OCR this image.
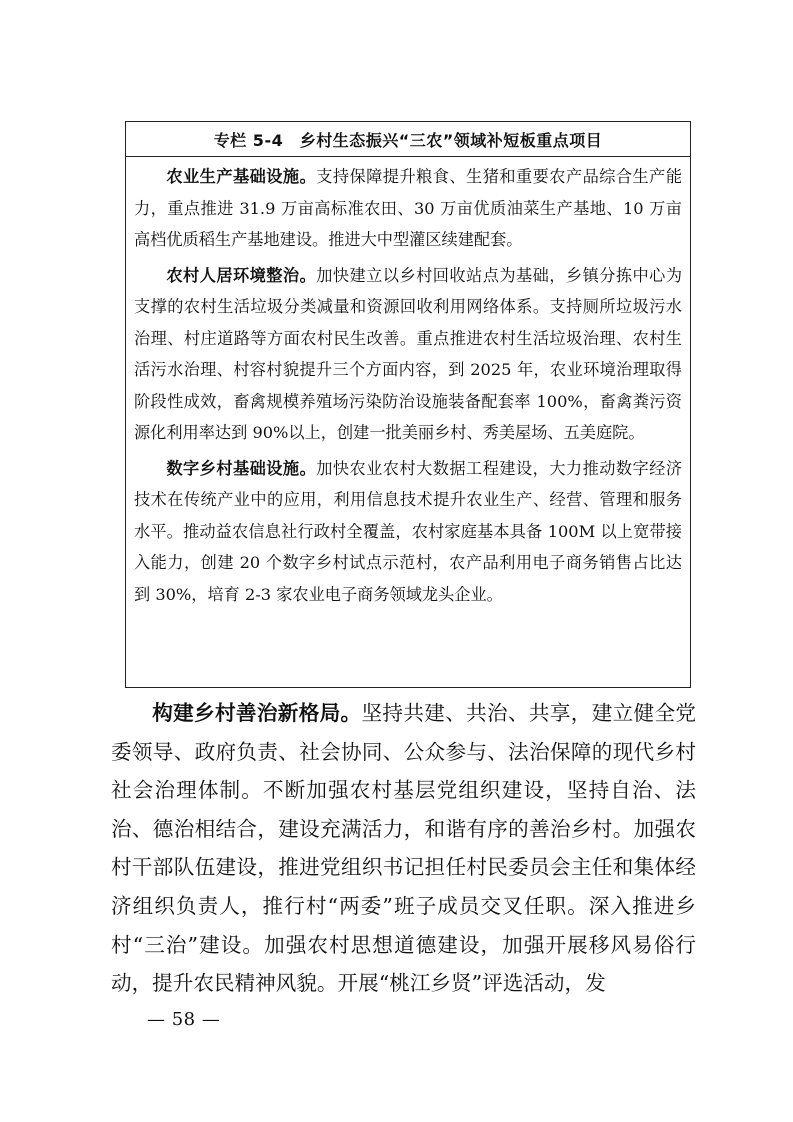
专栏 5-4　乡村生态振兴“三农”领域补短板重点项目

农业生产基础设施。支持保障提升粮食、生猪和重要农产品综合生产能力，重点推进 31.9 万亩高标准农田、30 万亩优质油菜生产基地、10 万亩高档优质稻生产基地建设。推进大中型灌区续建配套。

农村人居环境整治。加快建立以乡村回收站点为基础，乡镇分拣中心为支撑的农村生活垃圾分类减量和资源回收利用网络体系。支持厕所垃圾污水治理、村庄道路等方面农村民生改善。重点推进农村生活垃圾治理、农村生活污水治理、村容村貌提升三个方面内容，到 2025 年，农业环境治理取得阶段性成效，畜禽规模养殖场污染防治设施装备配套率 100%，畜禽粪污资源化利用率达到 90%以上，创建一批美丽乡村、秀美屋场、五美庭院。

数字乡村基础设施。加快农业农村大数据工程建设，大力推动数字经济技术在传统产业中的应用，利用信息技术提升农业生产、经营、管理和服务水平。推动益农信息社行政村全覆盖，农村家庭基本具备 100M 以上宽带接入能力，创建 20 个数字乡村试点示范村，农产品利用电子商务销售占比达到 30%，培育 2-3 家农业电子商务领域龙头企业。

构建乡村善治新格局。坚持共建、共治、共享，建立健全党委领导、政府负责、社会协同、公众参与、法治保障的现代乡村社会治理体制。不断加强农村基层党组织建设，坚持自治、法治、德治相结合，建设充满活力，和谐有序的善治乡村。加强农村干部队伍建设，推进党组织书记担任村民委员会主任和集体经济组织负责人，推行村“两委”班子成员交叉任职。深入推进乡村“三治”建设。加强农村思想道德建设，加强开展移风易俗行动，提升农民精神风貌。开展“桃江乡贤”评选活动，发

— 58 —
